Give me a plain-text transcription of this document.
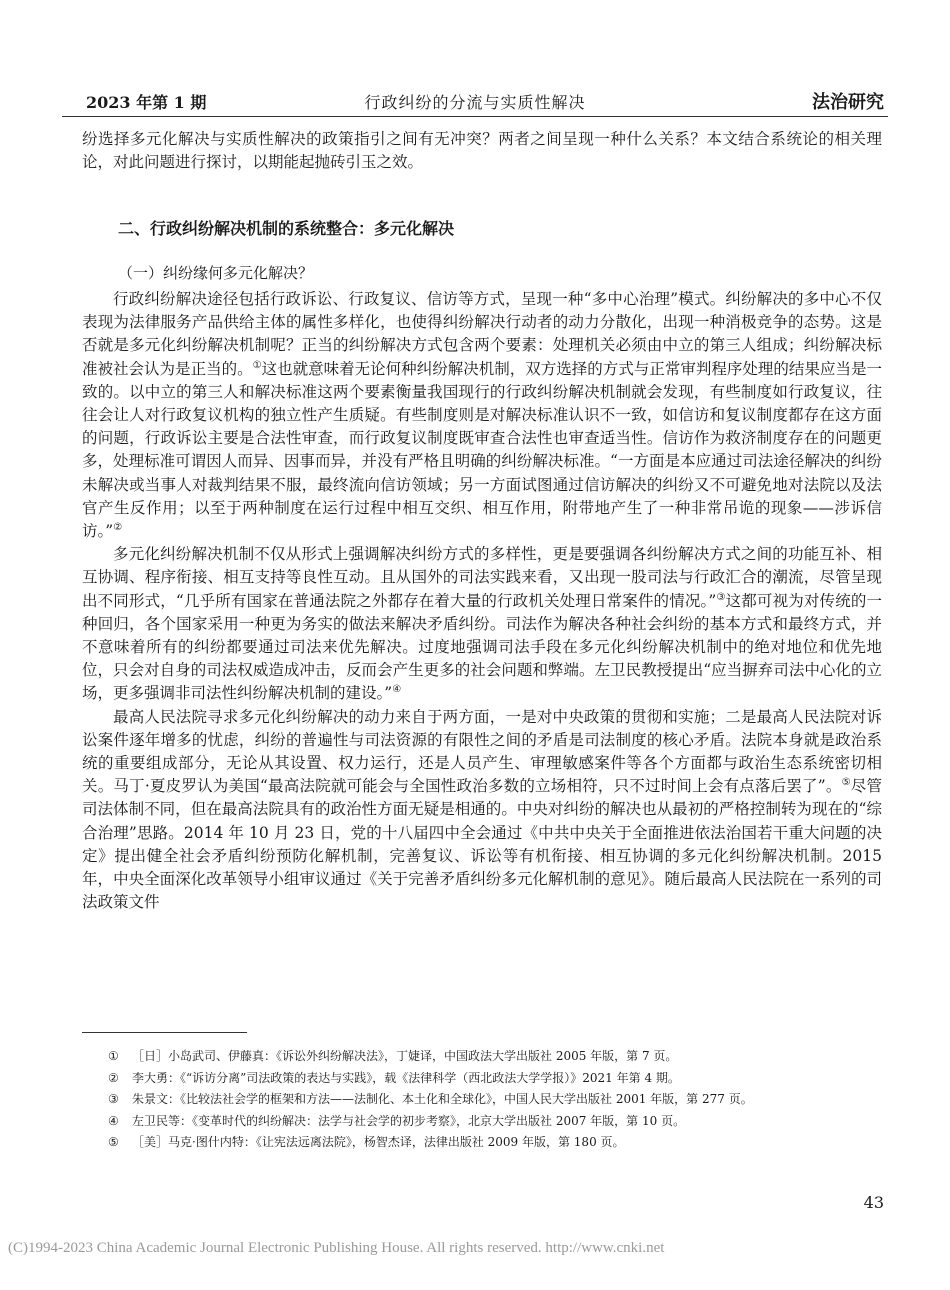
2023 年第 1 期	行政纠纷的分流与实质性解决	法治研究

纷选择多元化解决与实质性解决的政策指引之间有无冲突？两者之间呈现一种什么关系？本文结合系统论的相关理论，对此问题进行探讨，以期能起抛砖引玉之效。

二、行政纠纷解决机制的系统整合：多元化解决
（一）纠纷缘何多元化解决？

行政纠纷解决途径包括行政诉讼、行政复议、信访等方式，呈现一种“多中心治理”模式。纠纷解决的多中心不仅表现为法律服务产品供给主体的属性多样化，也使得纠纷解决行动者的动力分散化，出现一种消极竞争的态势。这是否就是多元化纠纷解决机制呢？正当的纠纷解决方式包含两个要素：处理机关必须由中立的第三人组成；纠纷解决标准被社会认为是正当的。①这也就意味着无论何种纠纷解决机制，双方选择的方式与正常审判程序处理的结果应当是一致的。以中立的第三人和解决标准这两个要素衡量我国现行的行政纠纷解决机制就会发现，有些制度如行政复议，往往会让人对行政复议机构的独立性产生质疑。有些制度则是对解决标准认识不一致，如信访和复议制度都存在这方面的问题，行政诉讼主要是合法性审查，而行政复议制度既审查合法性也审查适当性。信访作为救济制度存在的问题更多，处理标准可谓因人而异、因事而异，并没有严格且明确的纠纷解决标准。“一方面是本应通过司法途径解决的纠纷未解决或当事人对裁判结果不服，最终流向信访领域；另一方面试图通过信访解决的纠纷又不可避免地对法院以及法官产生反作用；以至于两种制度在运行过程中相互交织、相互作用，附带地产生了一种非常吊诡的现象——涉诉信访。”②

多元化纠纷解决机制不仅从形式上强调解决纠纷方式的多样性，更是要强调各纠纷解决方式之间的功能互补、相互协调、程序衔接、相互支持等良性互动。且从国外的司法实践来看，又出现一股司法与行政汇合的潮流，尽管呈现出不同形式，“几乎所有国家在普通法院之外都存在着大量的行政机关处理日常案件的情况。”③这都可视为对传统的一种回归，各个国家采用一种更为务实的做法来解决矛盾纠纷。司法作为解决各种社会纠纷的基本方式和最终方式，并不意味着所有的纠纷都要通过司法来优先解决。过度地强调司法手段在多元化纠纷解决机制中的绝对地位和优先地位，只会对自身的司法权威造成冲击，反而会产生更多的社会问题和弊端。左卫民教授提出“应当摒弃司法中心化的立场，更多强调非司法性纠纷解决机制的建设。”④

最高人民法院寻求多元化纠纷解决的动力来自于两方面，一是对中央政策的贯彻和实施；二是最高人民法院对诉讼案件逐年增多的忧虑，纠纷的普遍性与司法资源的有限性之间的矛盾是司法制度的核心矛盾。法院本身就是政治系统的重要组成部分，无论从其设置、权力运行，还是人员产生、审理敏感案件等各个方面都与政治生态系统密切相关。马丁·夏皮罗认为美国“最高法院就可能会与全国性政治多数的立场相符，只不过时间上会有点落后罢了”。⑤尽管司法体制不同，但在最高法院具有的政治性方面无疑是相通的。中央对纠纷的解决也从最初的严格控制转为现在的“综合治理”思路。2014 年 10 月 23 日，党的十八届四中全会通过《中共中央关于全面推进依法治国若干重大问题的决定》提出健全社会矛盾纠纷预防化解机制，完善复议、诉讼等有机衔接、相互协调的多元化纠纷解决机制。2015 年，中央全面深化改革领导小组审议通过《关于完善矛盾纠纷多元化解机制的意见》。随后最高人民法院在一系列的司法政策文件

① ［日］小岛武司、伊藤真：《诉讼外纠纷解决法》，丁婕译，中国政法大学出版社 2005 年版，第 7 页。
② 李大勇：《“诉访分离”司法政策的表达与实践》，载《法律科学（西北政法大学学报）》2021 年第 4 期。
③ 朱景文：《比较法社会学的框架和方法——法制化、本土化和全球化》，中国人民大学出版社 2001 年版，第 277 页。
④ 左卫民等：《变革时代的纠纷解决：法学与社会学的初步考察》，北京大学出版社 2007 年版，第 10 页。
⑤ ［美］马克·图什内特：《让宪法远离法院》，杨智杰译，法律出版社 2009 年版，第 180 页。
43
(C)1994-2023 China Academic Journal Electronic Publishing House. All rights reserved. http://www.cnki.net
